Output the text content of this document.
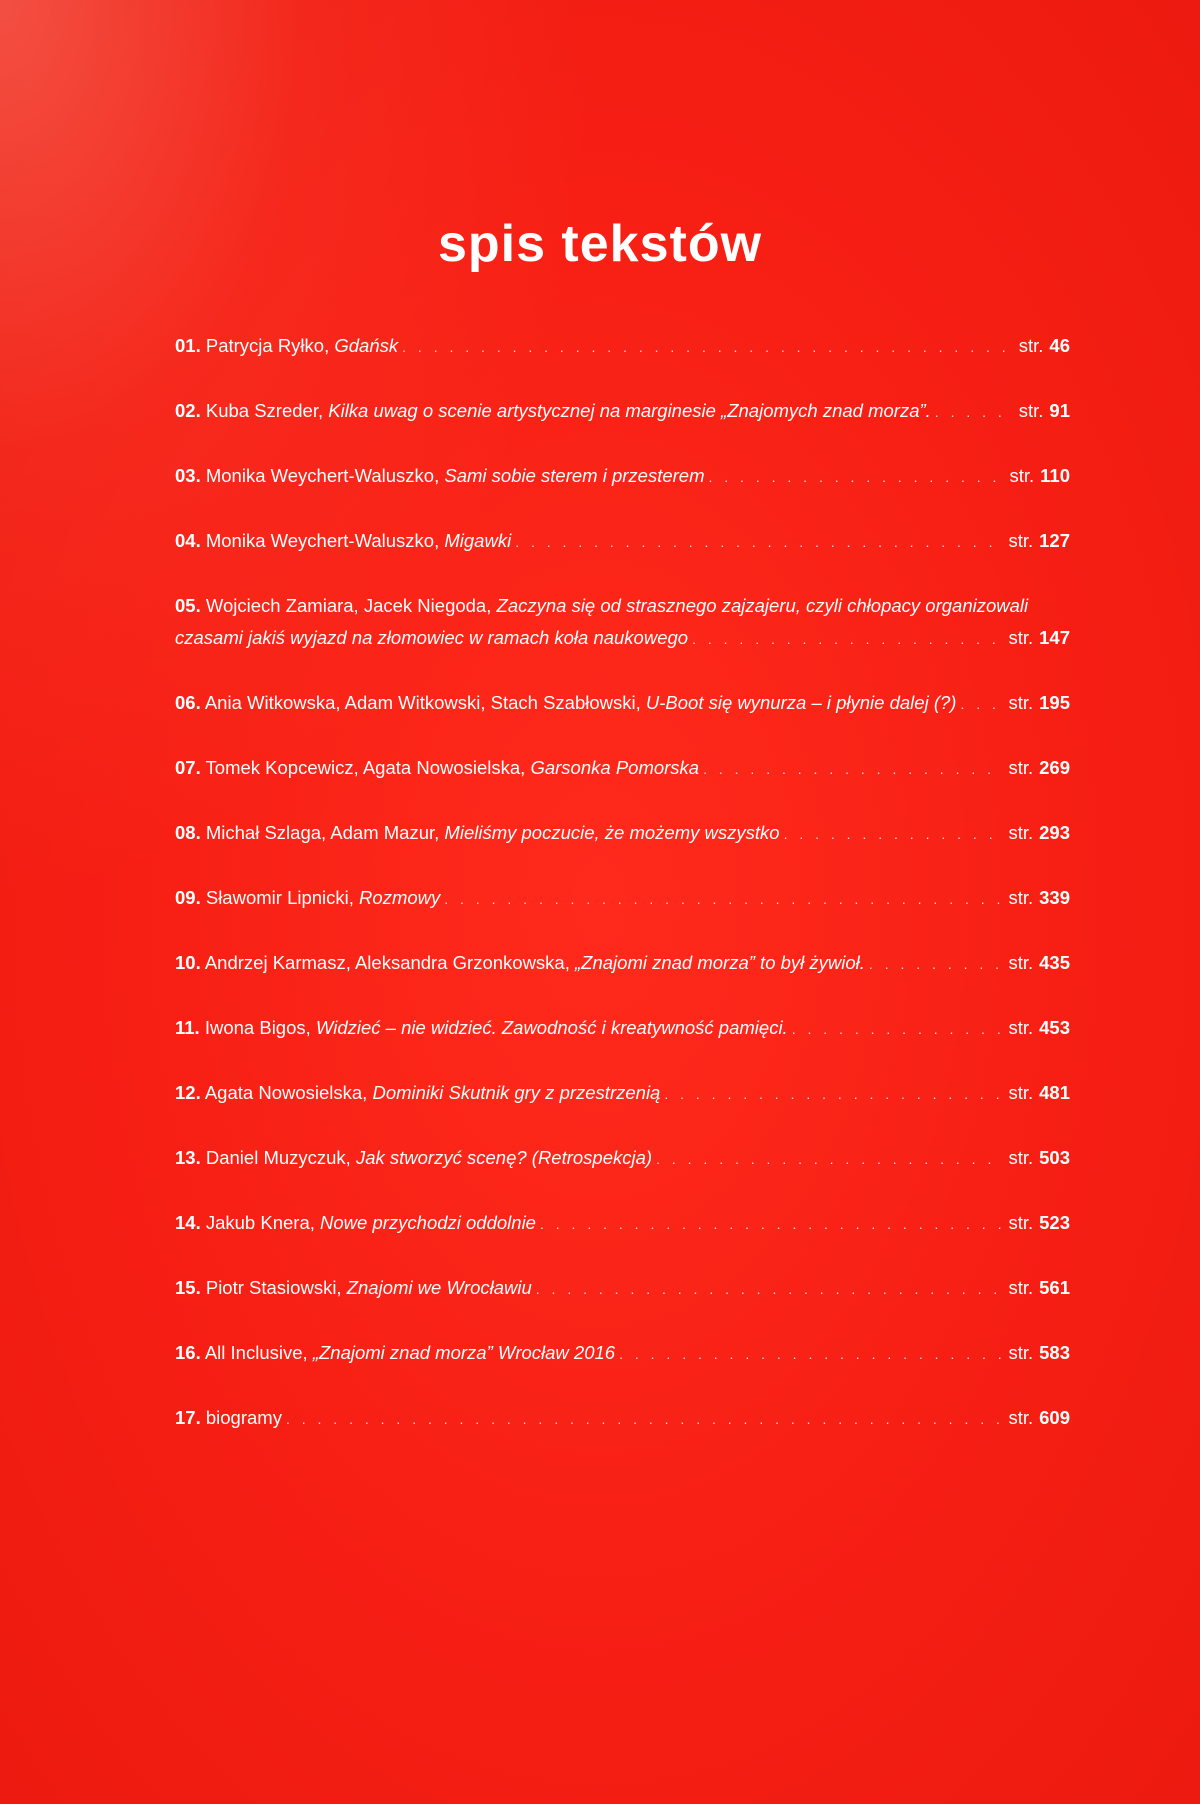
spis tekstów
01. Patrycja Ryłko, Gdańsk . . .	str. 46
02. Kuba Szreder, Kilka uwag o scenie artystycznej na marginesie „Znajomych znad morza”. . . .	str. 91
03. Monika Weychert-Waluszko, Sami sobie sterem i przesterem . . .	str. 110
04. Monika Weychert-Waluszko, Migawki . . .	str. 127
05. Wojciech Zamiara, Jacek Niegoda, Zaczyna się od strasznego zajzajeru, czyli chłopacy organizowali
czasami jakiś wyjazd na złomowiec w ramach koła naukowego . . .	str. 147
06. Ania Witkowska, Adam Witkowski, Stach Szabłowski, U-Boot się wynurza – i płynie dalej (?) . . .	str. 195
07. Tomek Kopcewicz, Agata Nowosielska, Garsonka Pomorska . . .	str. 269
08. Michał Szlaga, Adam Mazur, Mieliśmy poczucie, że możemy wszystko . . .	str. 293
09. Sławomir Lipnicki, Rozmowy . . .	str. 339
10. Andrzej Karmasz, Aleksandra Grzonkowska, „Znajomi znad morza” to był żywioł. . . .	str. 435
11. Iwona Bigos, Widzieć – nie widzieć. Zawodność i kreatywność pamięci. . . .	str. 453
12. Agata Nowosielska, Dominiki Skutnik gry z przestrzenią . . .	str. 481
13. Daniel Muzyczuk, Jak stworzyć scenę? (Retrospekcja) . . .	str. 503
14. Jakub Knera, Nowe przychodzi oddolnie . . .	str. 523
15. Piotr Stasiowski, Znajomi we Wrocławiu . . .	str. 561
16. All Inclusive, „Znajomi znad morza” Wrocław 2016 . . .	str. 583
17. biogramy . . .	str. 609
